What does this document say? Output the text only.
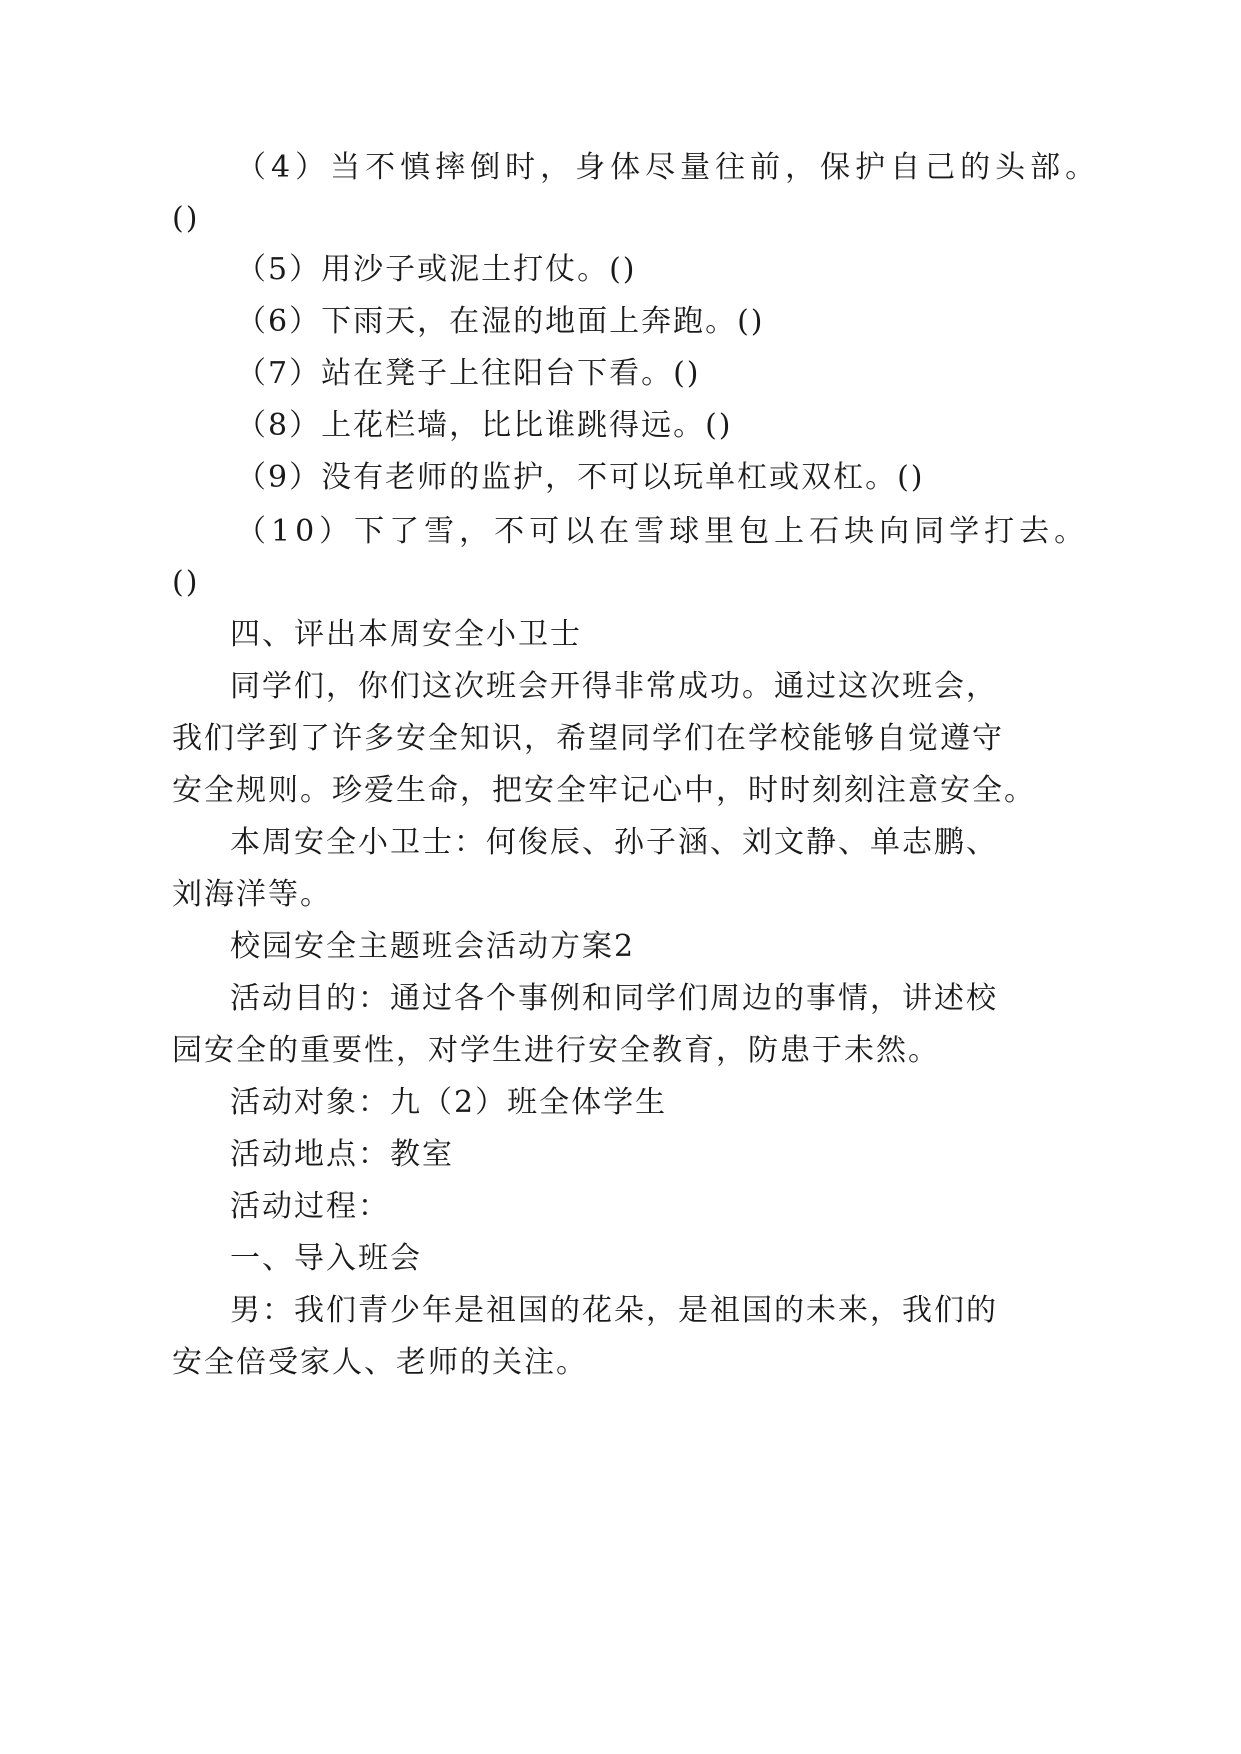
（4）当不慎摔倒时，身体尽量往前，保护自己的头部。
()
（5）用沙子或泥土打仗。()
（6）下雨天，在湿的地面上奔跑。()
（7）站在凳子上往阳台下看。()
（8）上花栏墙，比比谁跳得远。()
（9）没有老师的监护，不可以玩单杠或双杠。()
（10）下了雪，不可以在雪球里包上石块向同学打去。
()
四、评出本周安全小卫士
同学们，你们这次班会开得非常成功。通过这次班会，
我们学到了许多安全知识，希望同学们在学校能够自觉遵守
安全规则。珍爱生命，把安全牢记心中，时时刻刻注意安全。
本周安全小卫士：何俊辰、孙子涵、刘文静、单志鹏、
刘海洋等。
校园安全主题班会活动方案2
活动目的：通过各个事例和同学们周边的事情，讲述校
园安全的重要性，对学生进行安全教育，防患于未然。
活动对象：九（2）班全体学生
活动地点：教室
活动过程：
一、导入班会
男：我们青少年是祖国的花朵，是祖国的未来，我们的
安全倍受家人、老师的关注。
